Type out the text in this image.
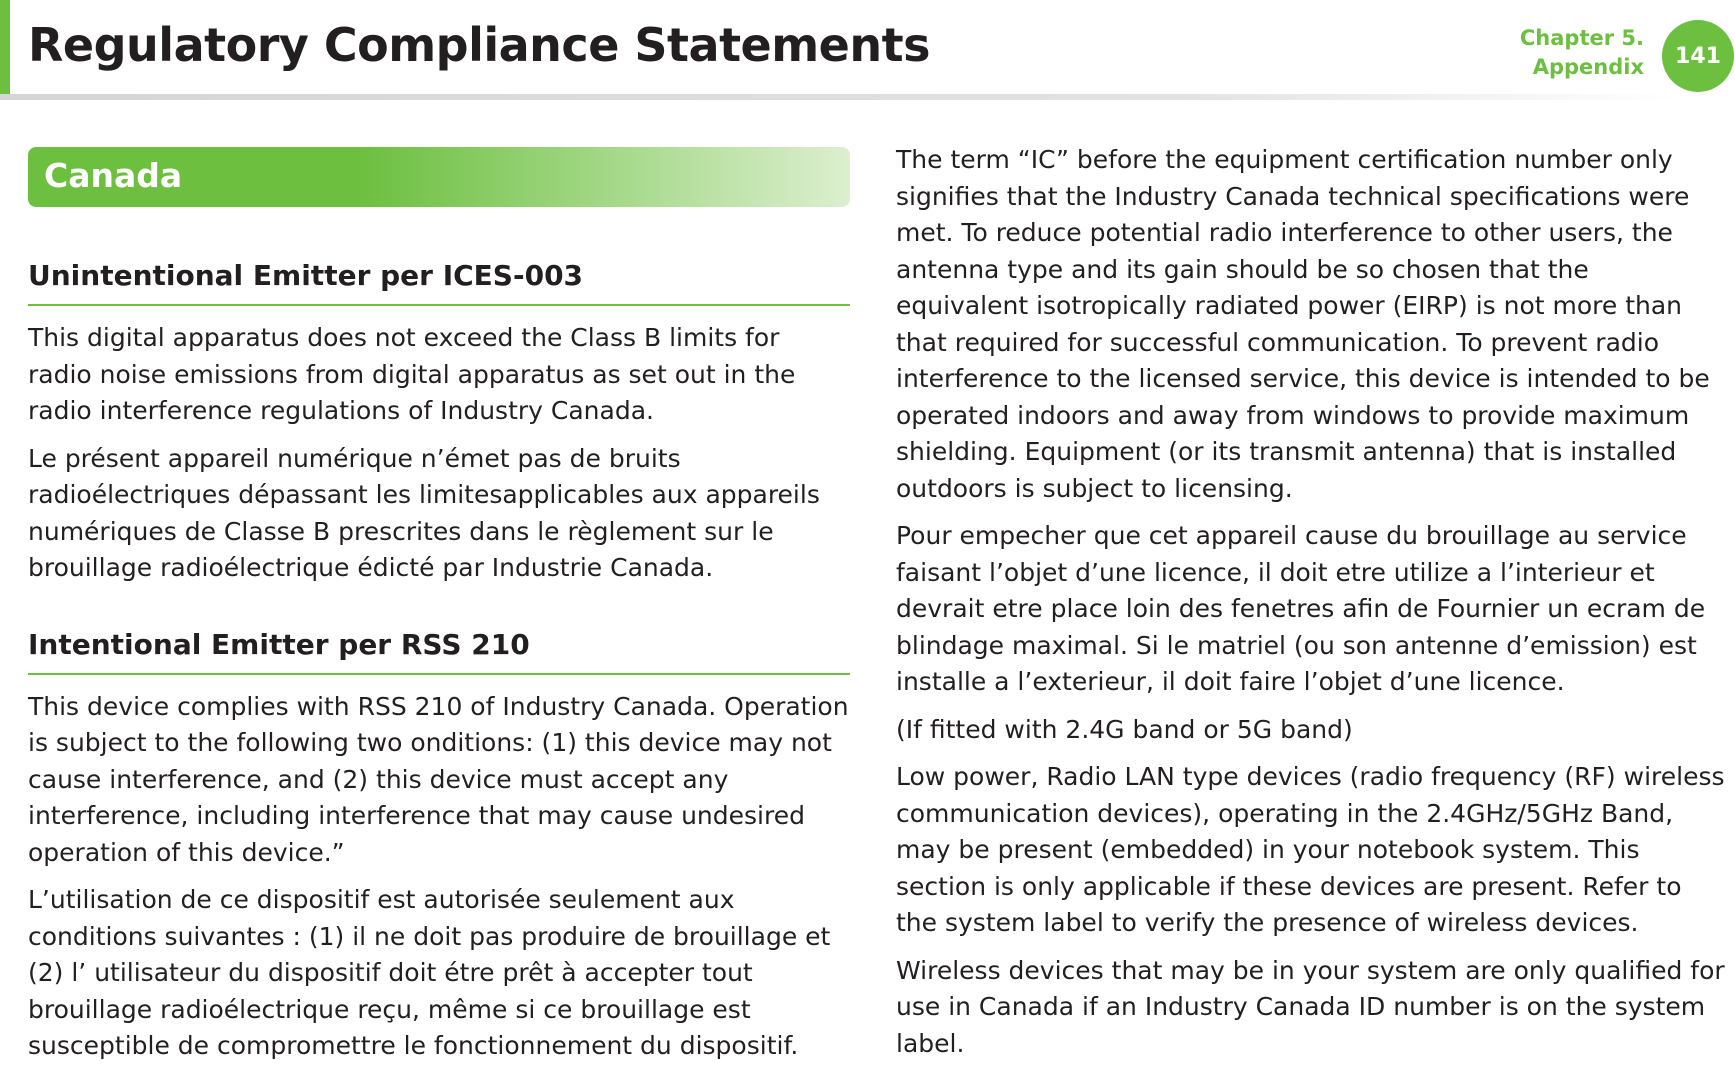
Regulatory Compliance Statements	Chapter 5.
Appendix 141
Canada
Unintentional Emitter per ICES-003

This digital apparatus does not exceed the Class B limits for radio noise emissions from digital apparatus as set out in the radio interference regulations of Industry Canada.

Le présent appareil numérique n’émet pas de bruits radioélectriques dépassant les limitesapplicables aux appareils numériques de Classe B prescrites dans le règlement sur le brouillage radioélectrique édicté par Industrie Canada.

Intentional Emitter per RSS 210

This device complies with RSS 210 of Industry Canada. Operation is subject to the following two onditions: (1) this device may not cause interference, and (2) this device must accept any interference, including interference that may cause undesired operation of this device.”

L’utilisation de ce dispositif est autorisée seulement aux conditions suivantes : (1) il ne doit pas produire de brouillage et (2) l’ utilisateur du dispositif doit étre prêt à accepter tout brouillage radioélectrique reçu, même si ce brouillage est susceptible de compromettre le fonctionnement du dispositif.

The term “IC” before the equipment certification number only signifies that the Industry Canada technical specifications were met. To reduce potential radio interference to other users, the antenna type and its gain should be so chosen that the equivalent isotropically radiated power (EIRP) is not more than that required for successful communication. To prevent radio interference to the licensed service, this device is intended to be operated indoors and away from windows to provide maximum shielding. Equipment (or its transmit antenna) that is installed outdoors is subject to licensing.

Pour empecher que cet appareil cause du brouillage au service faisant l’objet d’une licence, il doit etre utilize a l’interieur et devrait etre place loin des fenetres afin de Fournier un ecram de blindage maximal. Si le matriel (ou son antenne d’emission) est installe a l’exterieur, il doit faire l’objet d’une licence.

(If fitted with 2.4G band or 5G band)

Low power, Radio LAN type devices (radio frequency (RF) wireless communication devices), operating in the 2.4GHz/5GHz Band, may be present (embedded) in your notebook system. This section is only applicable if these devices are present. Refer to the system label to verify the presence of wireless devices.

Wireless devices that may be in your system are only qualified for use in Canada if an Industry Canada ID number is on the system label.
